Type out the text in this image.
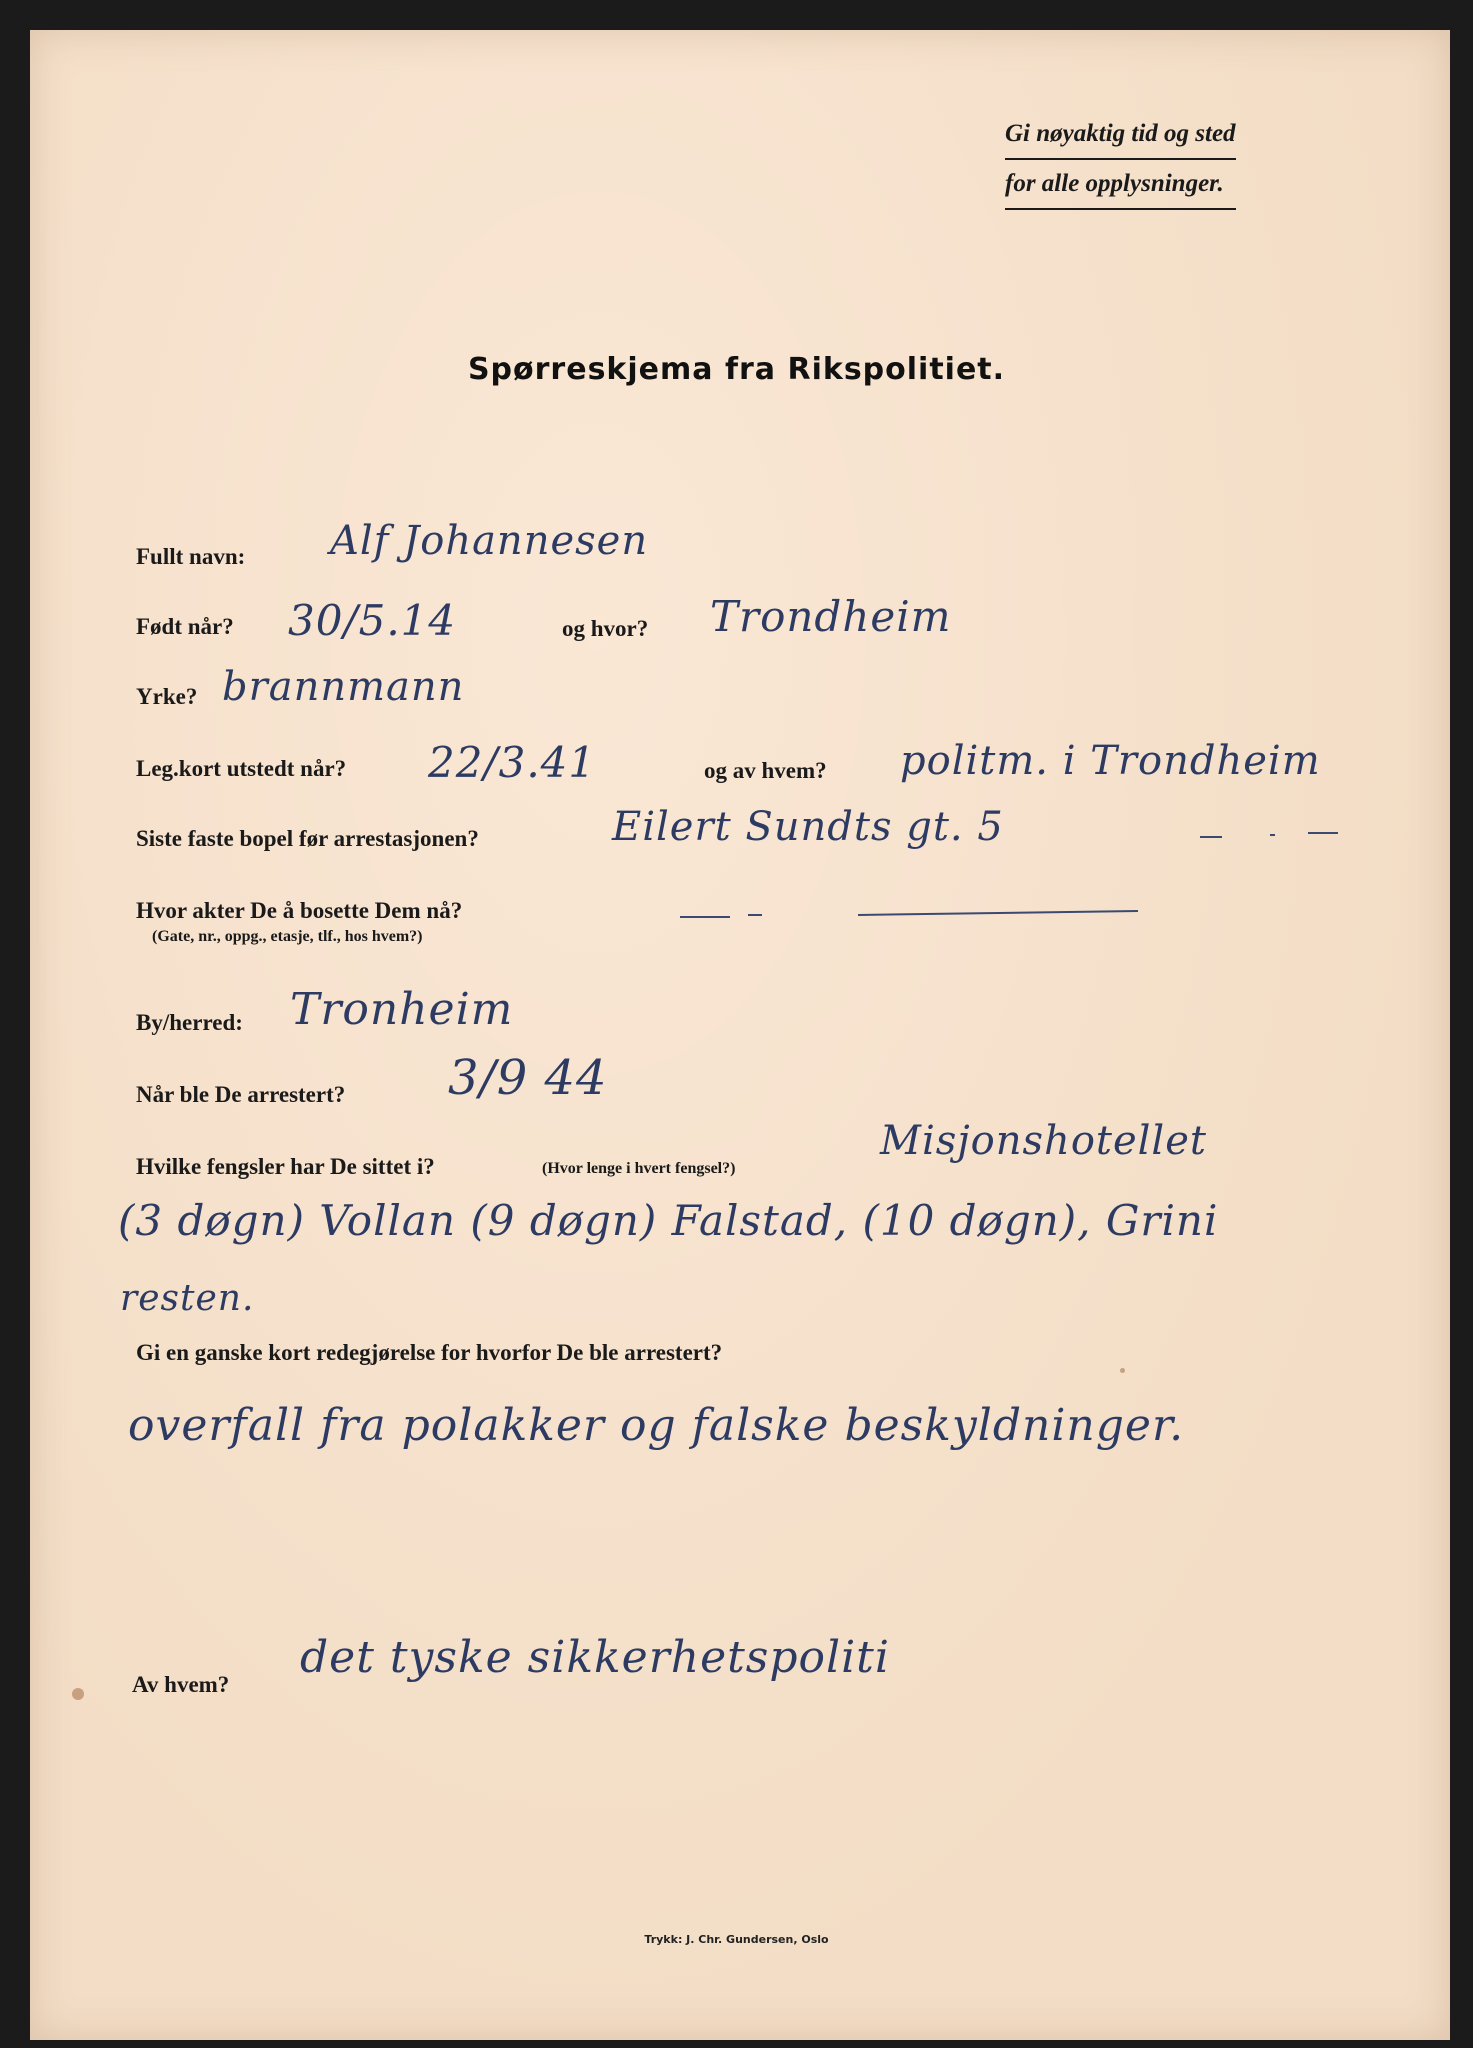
Gi nøyaktig tid og sted
for alle opplysninger.
Spørreskjema fra Rikspolitiet.
Fullt navn: Alf Johannesen
Født når? 30/5.14	og hvor? Trondheim
Yrke? brannmann
Leg.kort utstedt når? 22/3.41	og av hvem? politm. i Trondheim
Siste faste bopel før arrestasjonen?	Eilert Sundts gt. 5
Hvor akter De å bosette Dem nå?
(Gate, nr., oppg., etasje, tlf., hos hvem?)
By/herred: Tronheim
Når ble De arrestert? 3/9 44
Hvilke fengsler har De sittet i?	(Hvor lenge i hvert fengsel?)
Misjonshotellet
(3 døgn) Vollan (9 døgn) Falstad, (10 døgn), Grini
resten.
Gi en ganske kort redegjørelse for hvorfor De ble arrestert?
overfall fra polakker og falske beskyldninger.
Av hvem?
det tyske sikkerhetspoliti
Trykk: J. Chr. Gundersen, Oslo
